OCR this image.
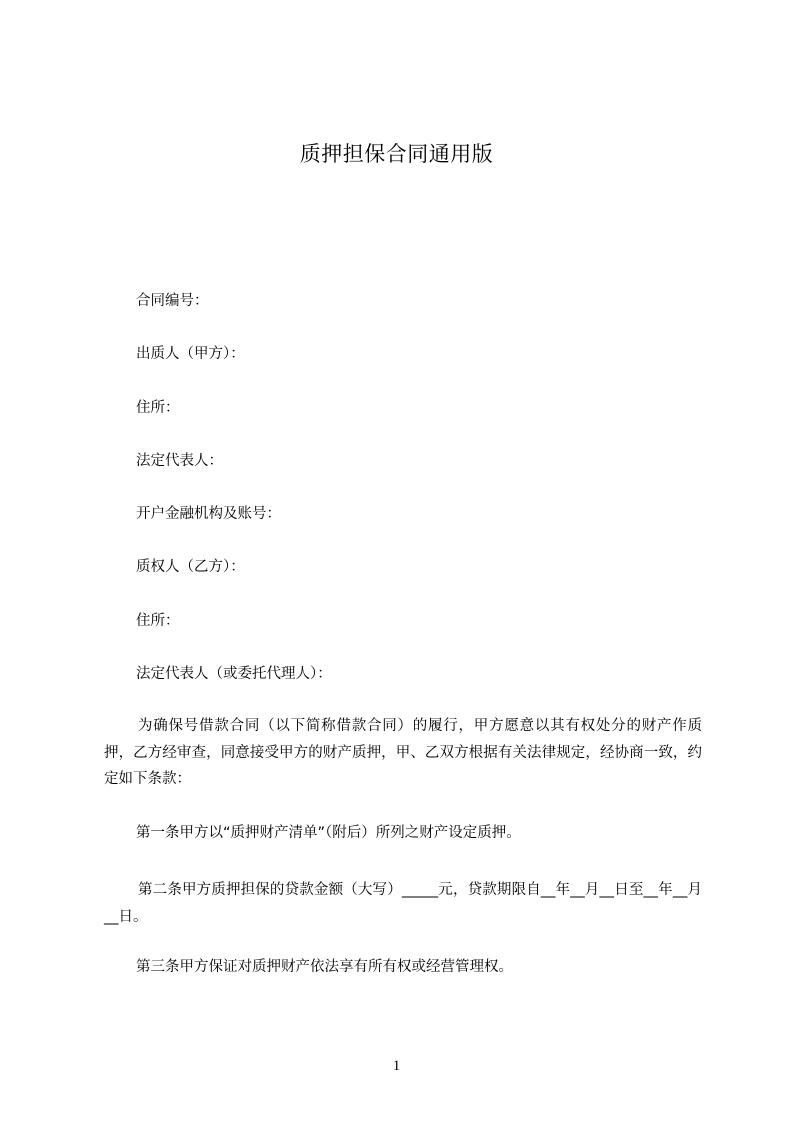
质押担保合同通用版
合同编号：
出质人（甲方）：
住所：
法定代表人：
开户金融机构及账号：
质权人（乙方）：
住所：
法定代表人（或委托代理人）：
为确保号借款合同（以下简称借款合同）的履行，甲方愿意以其有权处分的财产作质押，乙方经审查，同意接受甲方的财产质押，甲、乙双方根据有关法律规定，经协商一致，约定如下条款：
第一条甲方以“质押财产清单”（附后）所列之财产设定质押。
第二条甲方质押担保的贷款金额（大写）_____元，贷款期限自__年__月__日至__年__月__日。
第三条甲方保证对质押财产依法享有所有权或经营管理权。
1
